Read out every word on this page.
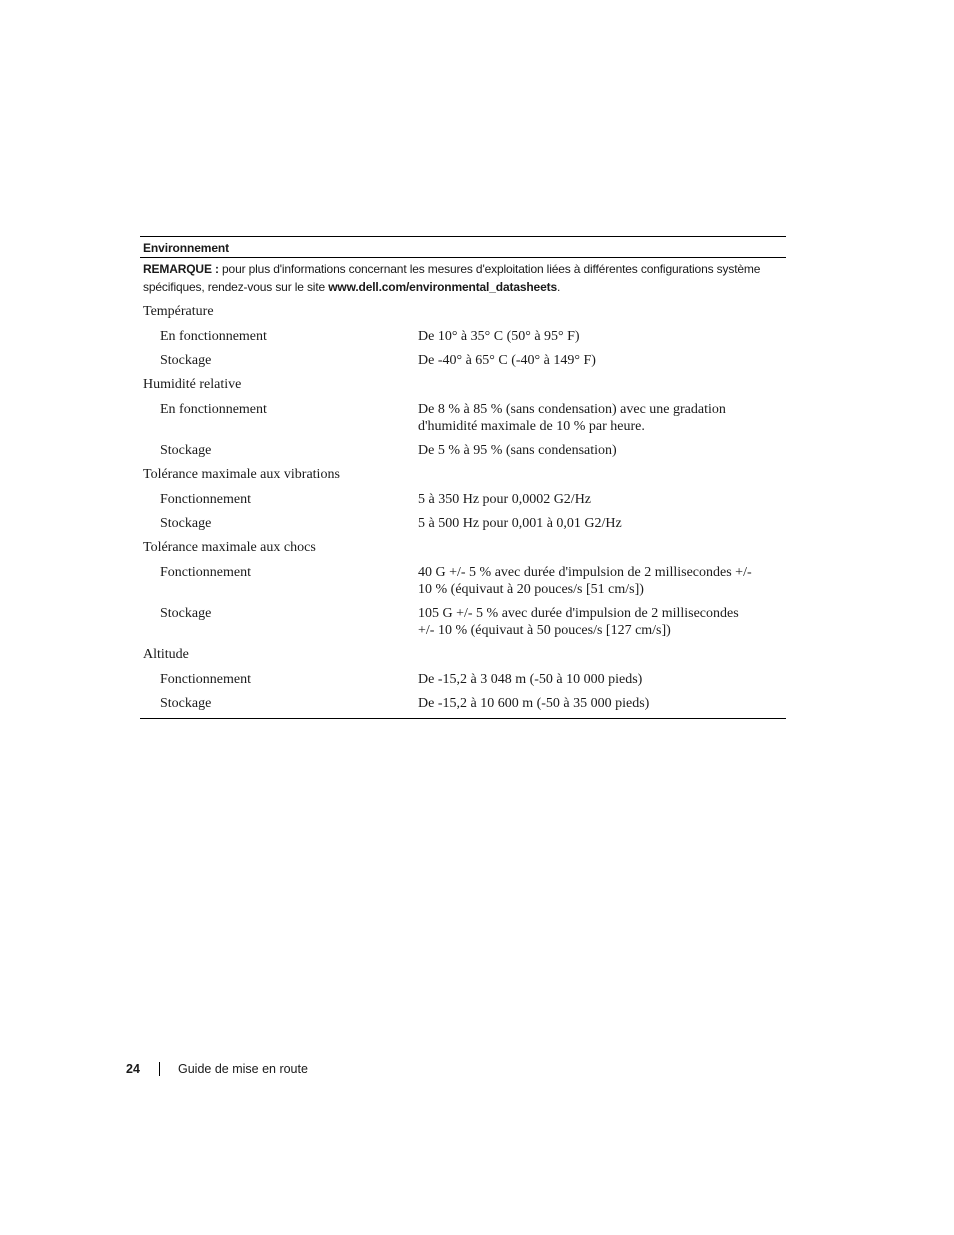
Environnement
REMARQUE : pour plus d'informations concernant les mesures d'exploitation liées à différentes configurations système spécifiques, rendez-vous sur le site www.dell.com/environmental_datasheets.
Température
En fonctionnement	De 10° à 35° C (50° à 95° F)
Stockage	De -40° à 65° C (-40° à 149° F)
Humidité relative
En fonctionnement	De 8 % à 85 % (sans condensation) avec une gradation d'humidité maximale de 10 % par heure.
Stockage	De 5 % à 95 % (sans condensation)
Tolérance maximale aux vibrations
Fonctionnement	5 à 350 Hz pour 0,0002 G2/Hz
Stockage	5 à 500 Hz pour 0,001 à 0,01 G2/Hz
Tolérance maximale aux chocs
Fonctionnement	40 G +/- 5 % avec durée d'impulsion de 2 millisecondes +/- 10 % (équivaut à 20 pouces/s [51 cm/s])
Stockage	105 G +/- 5 % avec durée d'impulsion de 2 millisecondes +/- 10 % (équivaut à 50 pouces/s [127 cm/s])
Altitude
Fonctionnement	De -15,2 à 3 048 m (-50 à 10 000 pieds)
Stockage	De -15,2 à 10 600 m (-50 à 35 000 pieds)
24	Guide de mise en route
